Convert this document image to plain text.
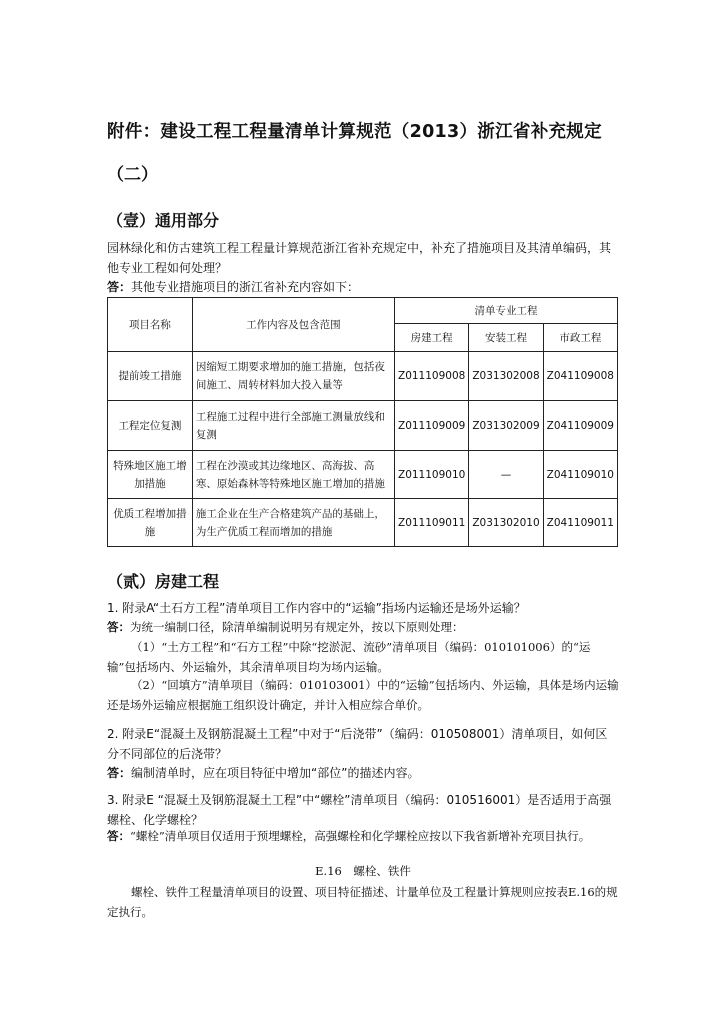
附件：建设工程工程量清单计算规范（2013）浙江省补充规定
（二）
（壹）通用部分
园林绿化和仿古建筑工程工程量计算规范浙江省补充规定中，补充了措施项目及其清单编码，其他专业工程如何处理？
答：其他专业措施项目的浙江省补充内容如下：
项目名称	工作内容及包含范围	清单专业工程		
		房建工程	安装工程	市政工程
提前竣工措施	因缩短工期要求增加的施工措施，包括夜间施工、周转材料加大投入量等	Z011109008	Z031302008	Z041109008
工程定位复测	工程施工过程中进行全部施工测量放线和复测	Z011109009	Z031302009	Z041109009
特殊地区施工增加措施	工程在沙漠或其边缘地区、高海拔、高寒、原始森林等特殊地区施工增加的措施	Z011109010	—	Z041109010
优质工程增加措施	施工企业在生产合格建筑产品的基础上，为生产优质工程而增加的措施	Z011109011	Z031302010	Z041109011
（贰）房建工程
1. 附录A“土石方工程”清单项目工作内容中的“运输”指场内运输还是场外运输？
答：为统一编制口径，除清单编制说明另有规定外，按以下原则处理：
（1）“土方工程”和“石方工程”中除“挖淤泥、流砂”清单项目（编码：010101006）的“运输”包括场内、外运输外，其余清单项目均为场内运输。
（2）“回填方”清单项目（编码：010103001）中的“运输”包括场内、外运输，具体是场内运输还是场外运输应根据施工组织设计确定，并计入相应综合单价。
2. 附录E“混凝土及钢筋混凝土工程”中对于“后浇带”（编码：010508001）清单项目，如何区分不同部位的后浇带？
答：编制清单时，应在项目特征中增加“部位”的描述内容。
3. 附录E “混凝土及钢筋混凝土工程”中“螺栓”清单项目（编码：010516001）是否适用于高强螺栓、化学螺栓？
答：“螺栓”清单项目仅适用于预埋螺栓，高强螺栓和化学螺栓应按以下我省新增补充项目执行。
E.16　螺栓、铁件
螺栓、铁件工程量清单项目的设置、项目特征描述、计量单位及工程量计算规则应按表E.16的规定执行。
